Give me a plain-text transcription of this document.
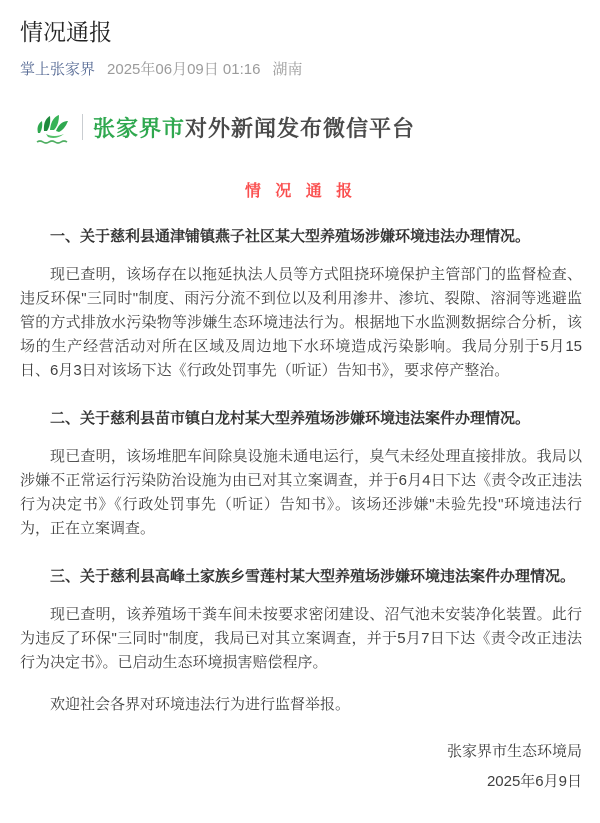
情况通报
掌上张家界 2025年06月09日 01:16 湖南
张家界市对外新闻发布微信平台

情 况 通 报

一、关于慈利县通津铺镇燕子社区某大型养殖场涉嫌环境违法办理情况。

现已查明，该场存在以拖延执法人员等方式阻挠环境保护主管部门的监督检查、违反环保"三同时"制度、雨污分流不到位以及利用渗井、渗坑、裂隙、溶洞等逃避监管的方式排放水污染物等涉嫌生态环境违法行为。根据地下水监测数据综合分析，该场的生产经营活动对所在区域及周边地下水环境造成污染影响。我局分别于5月15日、6月3日对该场下达《行政处罚事先（听证）告知书》，要求停产整治。

二、关于慈利县苗市镇白龙村某大型养殖场涉嫌环境违法案件办理情况。

现已查明，该场堆肥车间除臭设施未通电运行，臭气未经处理直接排放。我局以涉嫌不正常运行污染防治设施为由已对其立案调查，并于6月4日下达《责令改正违法行为决定书》《行政处罚事先（听证）告知书》。该场还涉嫌"未验先投"环境违法行为，正在立案调查。

三、关于慈利县高峰土家族乡雪莲村某大型养殖场涉嫌环境违法案件办理情况。

现已查明，该养殖场干粪车间未按要求密闭建设、沼气池未安装净化装置。此行为违反了环保"三同时"制度，我局已对其立案调查，并于5月7日下达《责令改正违法行为决定书》。已启动生态环境损害赔偿程序。

欢迎社会各界对环境违法行为进行监督举报。

张家界市生态环境局
2025年6月9日
